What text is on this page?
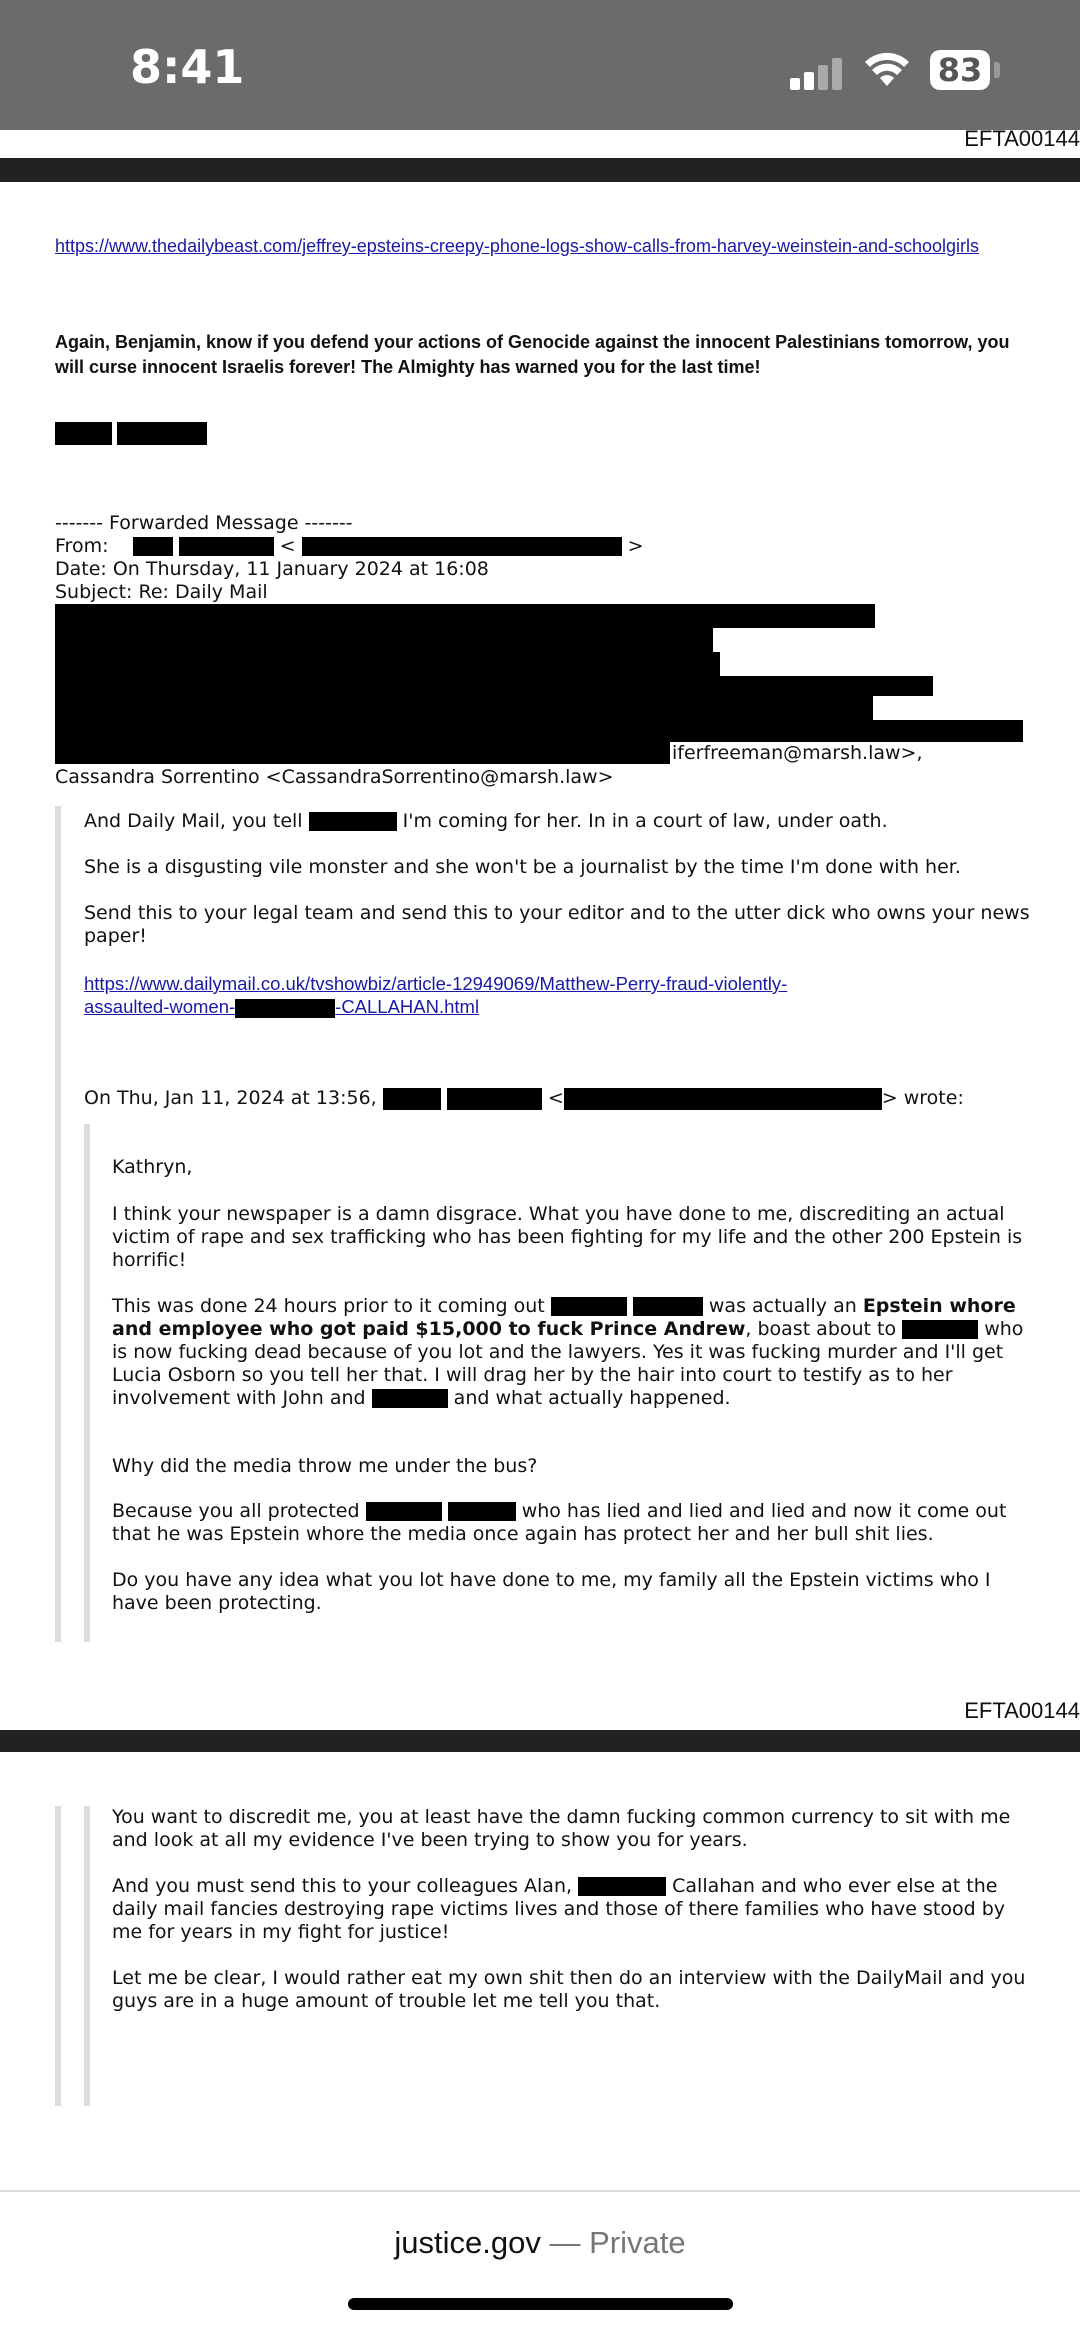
8:41	83
EFTA00144
https://www.thedailybeast.com/jeffrey-epsteins-creepy-phone-logs-show-calls-from-harvey-weinstein-and-schoolgirls
Again, Benjamin, know if you defend your actions of Genocide against the innocent Palestinians tomorrow, you will curse innocent Israelis forever! The Almighty has warned you for the last time!

------- Forwarded Message -------
From:	<	>
Date: On Thursday, 11 January 2024 at 16:08
Subject: Re: Daily Mail
iferfreeman@marsh.law>,
Cassandra Sorrentino <CassandraSorrentino@marsh.law>
And Daily Mail, you tell	I'm coming for her. In in a court of law, under oath.
She is a disgusting vile monster and she won't be a journalist by the time I'm done with her.
Send this to your legal team and send this to your editor and to the utter dick who owns your news paper!
https://www.dailymail.co.uk/tvshowbiz/article-12949069/Matthew-Perry-fraud-violently-
assaulted-women-	-CALLAHAN.html
On Thu, Jan 11, 2024 at 13:56,	<	> wrote:
Kathryn,
I think your newspaper is a damn disgrace. What you have done to me, discrediting an actual victim of rape and sex trafficking who has been fighting for my life and the other 200 Epstein is horrific!
This was done 24 hours prior to it coming out	was actually an Epstein whore and employee who got paid $15,000 to fuck Prince Andrew, boast about to	who is now fucking dead because of you lot and the lawyers. Yes it was fucking murder and I'll get Lucia Osborn so you tell her that. I will drag her by the hair into court to testify as to her involvement with John and	and what actually happened.
Why did the media throw me under the bus?
Because you all protected	who has lied and lied and lied and now it come out that he was Epstein whore the media once again has protect her and her bull shit lies.
Do you have any idea what you lot have done to me, my family all the Epstein victims who I have been protecting.
EFTA00144
You want to discredit me, you at least have the damn fucking common currency to sit with me and look at all my evidence I've been trying to show you for years.
And you must send this to your colleagues Alan,	Callahan and who ever else at the daily mail fancies destroying rape victims lives and those of there families who have stood by me for years in my fight for justice!
Let me be clear, I would rather eat my own shit then do an interview with the DailyMail and you guys are in a huge amount of trouble let me tell you that.
justice.gov — Private
